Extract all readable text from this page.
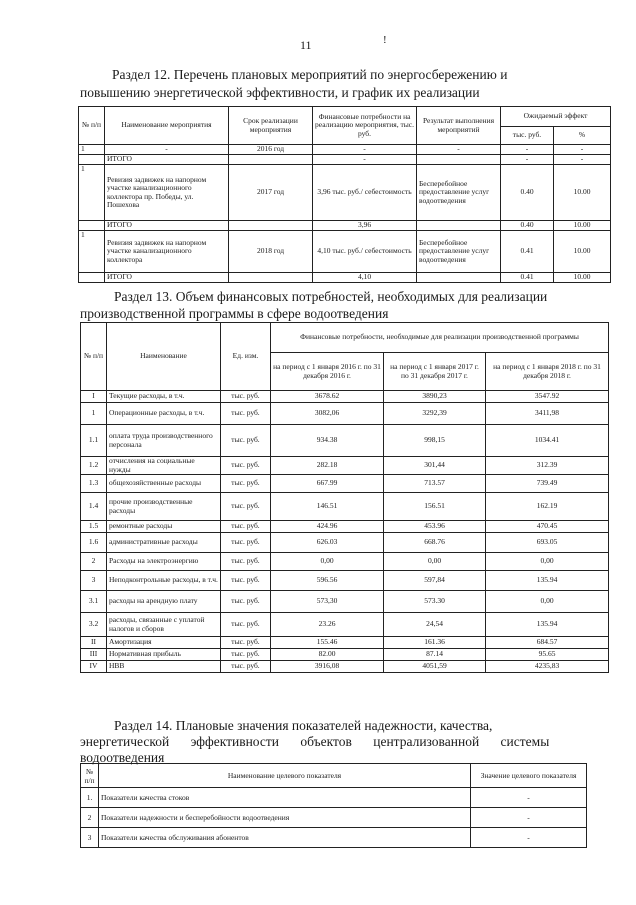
11	!
Раздел 12. Перечень плановых мероприятий по энергосбережению и
повышению энергетической эффективности, и график их реализации
№ п/п	Наименование мероприятия	Срок реализации мероприятия	Финансовые потребности на реализацию мероприятия, тыс. руб.	Результат выполнения мероприятий	Ожидаемый эффект	
					тыс. руб.	%
1	-	2016 год	-	-	-	-
	ИТОГО		-		-	-
1	Ревизия задвижек на напорном участке канализационного коллектора пр. Победы, ул. Пошехова	2017 год	3,96 тыс. руб./ себестоимость	Бесперебойное предоставление услуг водоотведения	0.40	10.00
	ИТОГО		3,96		0.40	10.00
1	Ревизия задвижек на напорном участке канализационного коллектора	2018 год	4,10 тыс. руб./ себестоимость	Бесперебойное предоставление услуг водоотведения	0.41	10.00
	ИТОГО		4,10		0.41	10.00
Раздел 13. Объем финансовых потребностей, необходимых для реализации
производственной программы в сфере водоотведения
№ п/п	Наименование	Ед. изм.	Финансовые потребности, необходимые для реализации производственной программы		
			на период с 1 января 2016 г. по 31 декабря 2016 г.	на период с 1 января 2017 г. по 31 декабря 2017 г.	на период с 1 января 2018 г. по 31 декабря 2018 г.
I	Текущие расходы, в т.ч.	тыс. руб.	3678.62	3890,23	3547.92
1	Операционные расходы, в т.ч.	тыс. руб.	3082,06	3292,39	3411,98
1.1	оплата труда производственного персонала	тыс. руб.	934.38	998,15	1034.41
1.2	отчисления на социальные нужды	тыс. руб.	282.18	301,44	312.39
1.3	общехозяйственные расходы	тыс. руб.	667.99	713.57	739.49
1.4	прочие производственные расходы	тыс. руб.	146.51	156.51	162.19
1.5	ремонтные расходы	тыс. руб.	424.96	453.96	470.45
1.6	административные расходы	тыс. руб.	626.03	668.76	693.05
2	Расходы на электроэнергию	тыс. руб.	0,00	0,00	0,00
3	Неподконтрольные расходы, в т.ч.	тыс. руб.	596.56	597,84	135.94
3.1	расходы на арендную плату	тыс. руб.	573,30	573.30	0,00
3.2	расходы, связанные с уплатой налогов и сборов	тыс. руб.	23.26	24,54	135.94
II	Амортизация	тыс. руб.	155.46	161.36	684.57
III	Нормативная прибыль	тыс. руб.	82.00	87.14	95.65
IV	НВВ	тыс. руб.	3916,08	4051,59	4235,83
Раздел 14. Плановые значения показателей надежности, качества,
энергетической эффективности объектов централизованной системы
водоотведения
№ п/п	Наименование целевого показателя	Значение целевого показателя
1.	Показатели качества стоков	-
2	Показатели надежности и бесперебойности водоотведения	-
3	Показатели качества обслуживания абонентов	-
